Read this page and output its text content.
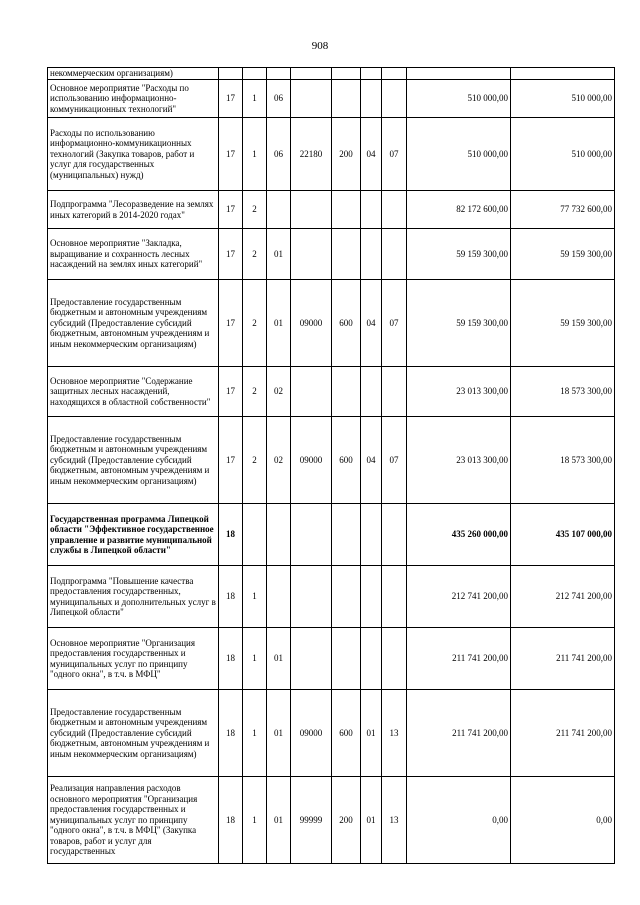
908
некоммерческим организациям)									
Основное мероприятие "Расходы по использованию информационно-коммуникационных технологий"	17	1	06					510 000,00	510 000,00
Расходы по использованию информационно-коммуникационных технологий (Закупка товаров, работ и услуг для государственных (муниципальных) нужд)	17	1	06	22180	200	04	07	510 000,00	510 000,00
Подпрограмма "Лесоразведение на землях иных категорий в 2014-2020 годах"	17	2						82 172 600,00	77 732 600,00
Основное мероприятие "Закладка, выращивание и сохранность лесных насаждений на землях иных категорий"	17	2	01					59 159 300,00	59 159 300,00
Предоставление государственным бюджетным и автономным учреждениям субсидий (Предоставление субсидий бюджетным, автономным учреждениям и иным некоммерческим организациям)	17	2	01	09000	600	04	07	59 159 300,00	59 159 300,00
Основное мероприятие "Содержание защитных лесных насаждений, находящихся в областной собственности"	17	2	02					23 013 300,00	18 573 300,00
Предоставление государственным бюджетным и автономным учреждениям субсидий (Предоставление субсидий бюджетным, автономным учреждениям и иным некоммерческим организациям)	17	2	02	09000	600	04	07	23 013 300,00	18 573 300,00
Государственная программа Липецкой области "Эффективное государственное управление и развитие муниципальной службы в Липецкой области"	18							435 260 000,00	435 107 000,00
Подпрограмма "Повышение качества предоставления государственных, муниципальных и дополнительных услуг в Липецкой области"	18	1						212 741 200,00	212 741 200,00
Основное мероприятие "Организация предоставления государственных и муниципальных услуг по принципу "одного окна", в т.ч. в МФЦ"	18	1	01					211 741 200,00	211 741 200,00
Предоставление государственным бюджетным и автономным учреждениям субсидий (Предоставление субсидий бюджетным, автономным учреждениям и иным некоммерческим организациям)	18	1	01	09000	600	01	13	211 741 200,00	211 741 200,00
Реализация направления расходов основного мероприятия "Организация предоставления государственных и муниципальных услуг по принципу "одного окна", в т.ч. в МФЦ" (Закупка товаров, работ и услуг для государственных	18	1	01	99999	200	01	13	0,00	0,00
